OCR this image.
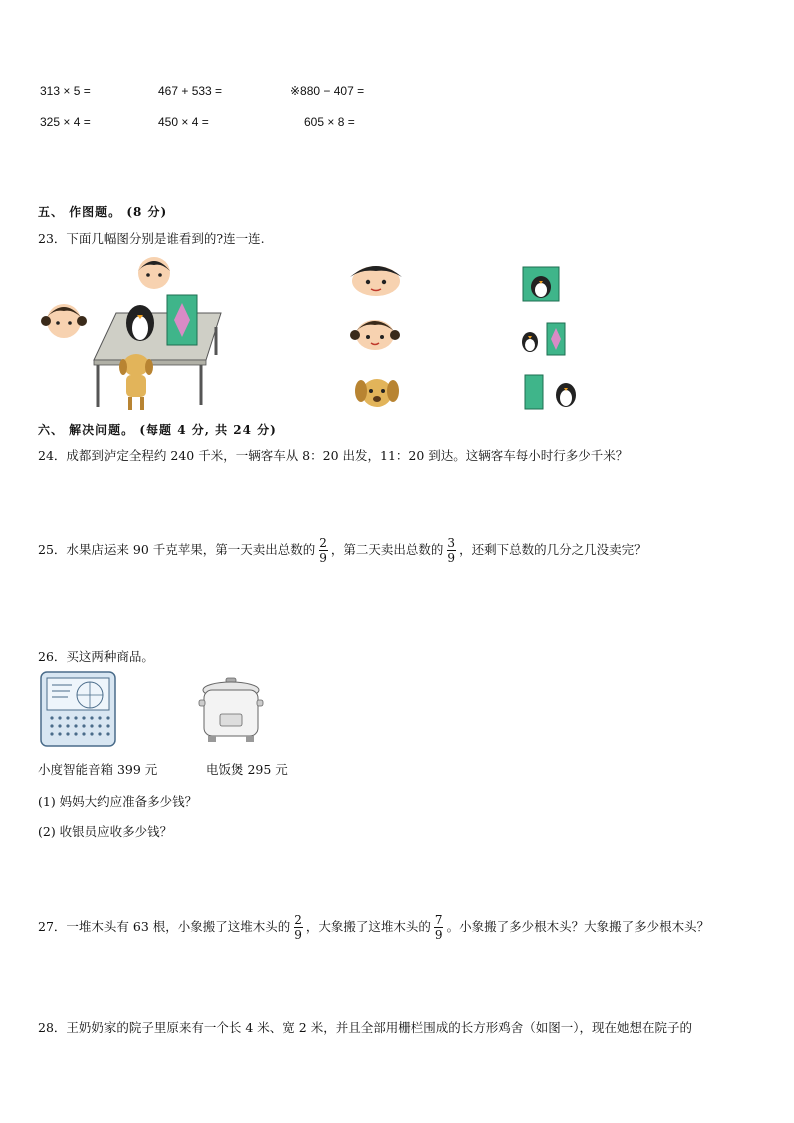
313 × 5 =	467 + 533 =	※880 − 407 =
325 × 4 =	450 × 4 =	605 × 8 =
五、 作图题。 (8 分)
23．下面几幅图分别是谁看到的?连一连.
六、 解决问题。 (每题 4 分, 共 24 分)
24．成都到泸定全程约 240 千米，一辆客车从 8：20 出发，11：20 到达。这辆客车每小时行多少千米？
25．水果店运来 90 千克苹果，第一天卖出总数的 $\frac{2}{9}$ ，第二天卖出总数的 $\frac{3}{9}$ ，还剩下总数的几分之几没卖完？
26．买这两种商品。
小度智能音箱 399 元	电饭煲 295 元
(1) 妈妈大约应准备多少钱？
(2) 收银员应收多少钱？
27．一堆木头有 63 根，小象搬了这堆木头的 $\frac{2}{9}$ ，大象搬了这堆木头的 $\frac{7}{9}$ 。小象搬了多少根木头？大象搬了多少根木头？
28．王奶奶家的院子里原来有一个长 4 米、宽 2 米，并且全部用栅栏围成的长方形鸡舍（如图一），现在她想在院子的
